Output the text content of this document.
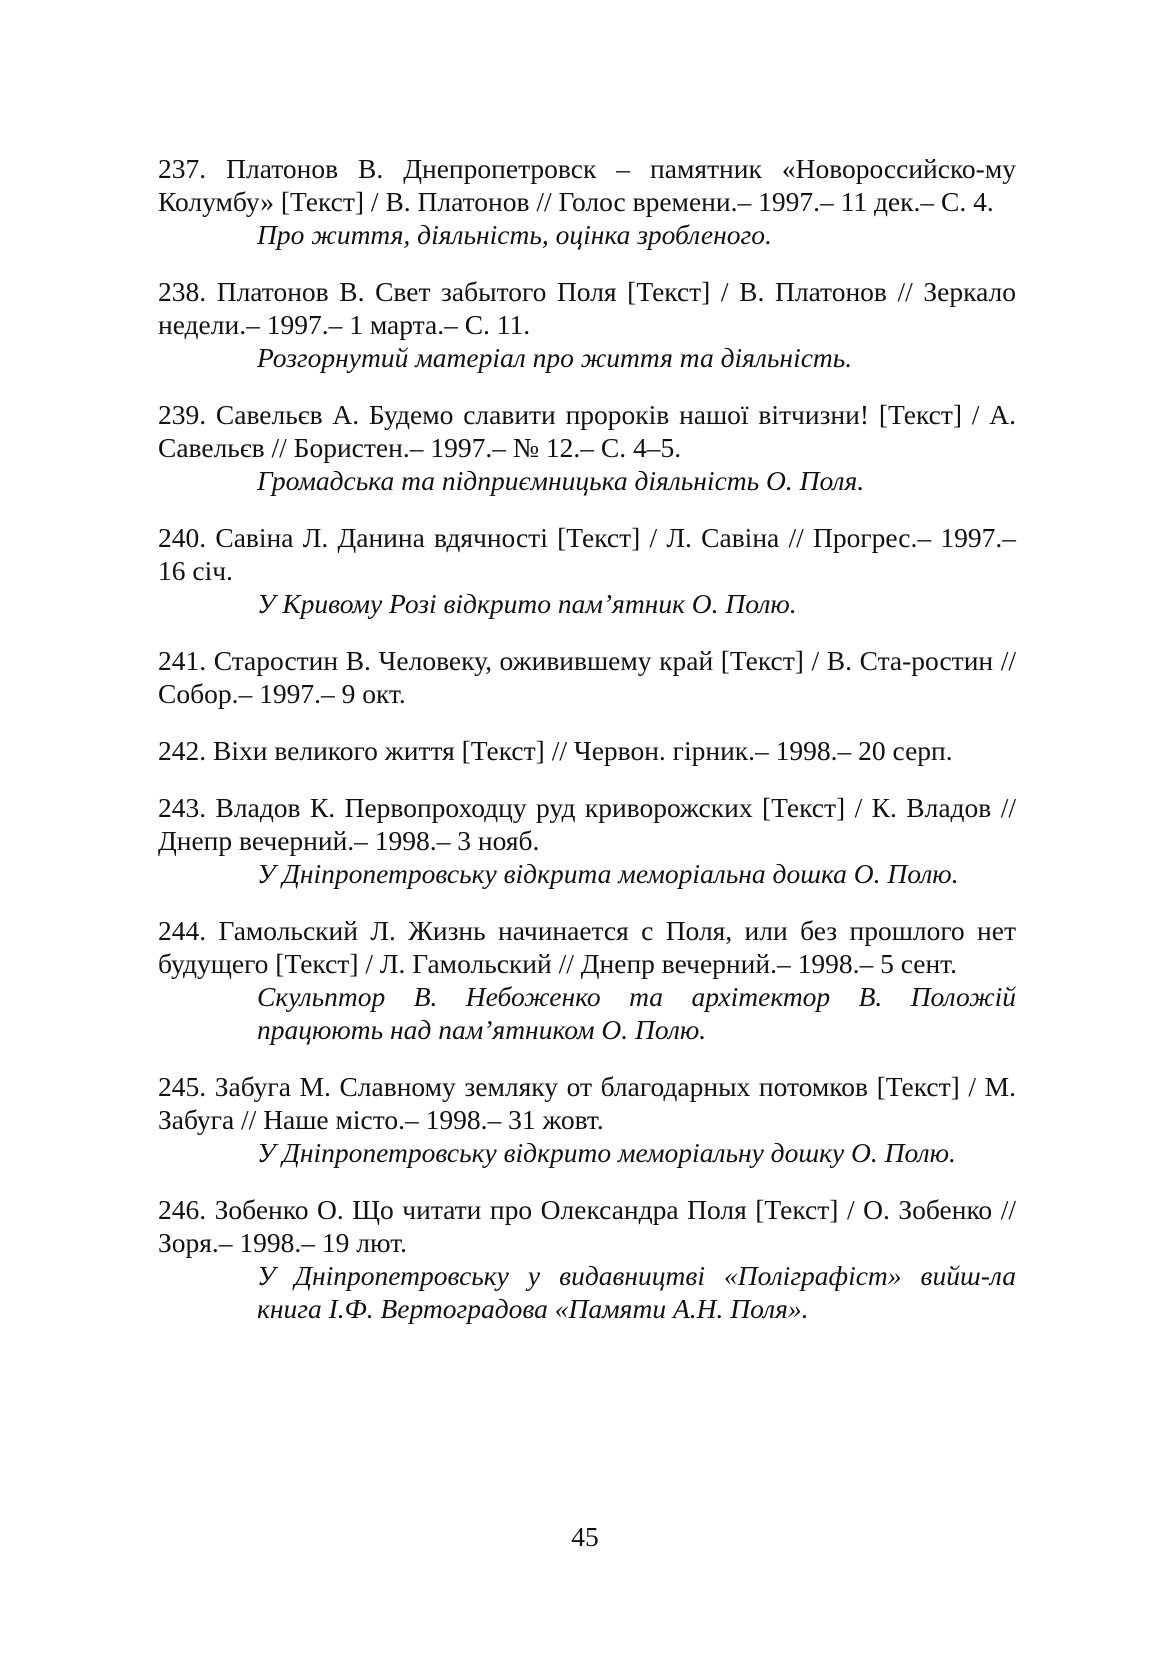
237. Платонов В. Днепропетровск – памятник «Новороссийско-му Колумбу» [Текст] / В. Платонов // Голос времени.– 1997.– 11 дек.– С. 4.

Про життя, діяльність, оцінка зробленого.

238. Платонов В. Свет забытого Поля [Текст] / В. Платонов // Зеркало недели.– 1997.– 1 марта.– С. 11.

Розгорнутий матеріал про життя та діяльність.

239. Савельєв А. Будемо славити пророків нашої вітчизни! [Текст] / А. Савельєв // Бористен.– 1997.– № 12.– С. 4–5.

Громадська та підприємницька діяльність О. Поля.

240. Савіна Л. Данина вдячності [Текст] / Л. Савіна // Прогрес.– 1997.– 16 січ.

У Кривому Розі відкрито пам’ятник О. Полю.

241. Старостин В. Человеку, оживившему край [Текст] / В. Ста-ростин // Собор.– 1997.– 9 окт.

242. Віхи великого життя [Текст] // Червон. гірник.– 1998.– 20 серп.

243. Владов К. Первопроходцу руд криворожских [Текст] / К. Владов // Днепр вечерний.– 1998.– 3 нояб.

У Дніпропетровську відкрита меморіальна дошка О. Полю.

244. Гамольский Л. Жизнь начинается с Поля, или без прошлого нет будущего [Текст] / Л. Гамольский // Днепр вечерний.– 1998.– 5 сент.

Скульптор В. Небоженко та архітектор В. Положій працюють над пам’ятником О. Полю.

245. Забуга М. Славному земляку от благодарных потомков [Текст] / М. Забуга // Наше місто.– 1998.– 31 жовт.

У Дніпропетровську відкрито меморіальну дошку О. Полю.

246. Зобенко О. Що читати про Олександра Поля [Текст] / О. Зобенко // Зоря.– 1998.– 19 лют.

У Дніпропетровську у видавництві «Поліграфіст» вийш-ла книга І.Ф. Вертоградова «Памяти А.Н. Поля».

45
